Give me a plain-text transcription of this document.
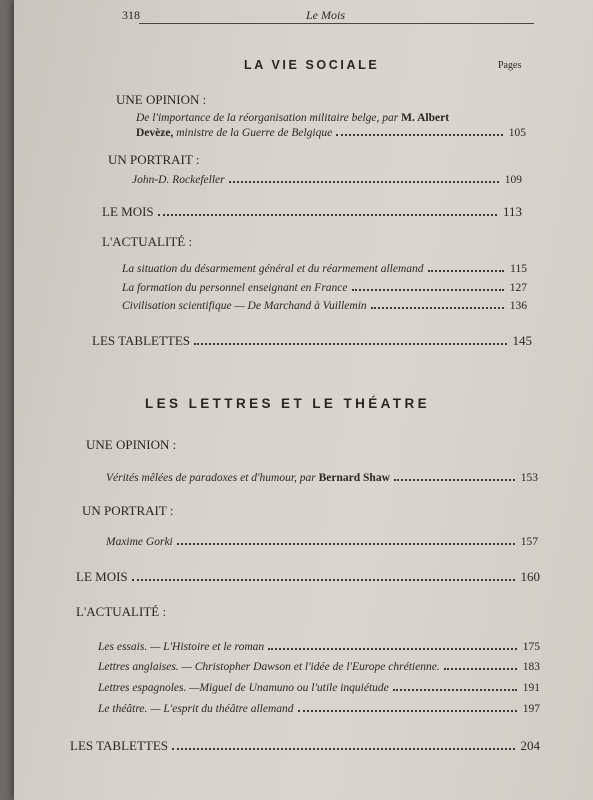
318	Le Mois
LA VIE SOCIALE	Pages
UNE OPINION :
De l'importance de la réorganisation militaire belge, par M. Albert
Devèze, ministre de la Guerre de Belgique	105
UN PORTRAIT :
John-D. Rockefeller	109
LE MOIS	113
L'ACTUALITÉ :
La situation du désarmement général et du réarmement allemand	115
La formation du personnel enseignant en France	127
Civilisation scientifique — De Marchand à Vuillemin	136
LES TABLETTES	145
LES LETTRES ET LE THÉATRE
UNE OPINION :
Vérités mêlées de paradoxes et d'humour, par Bernard Shaw	153
UN PORTRAIT :
Maxime Gorki	157
LE MOIS	160
L'ACTUALITÉ :
Les essais. — L'Histoire et le roman	175
Lettres anglaises. — Christopher Dawson et l'idée de l'Europe chrétienne.	183
Lettres espagnoles. —Miguel de Unamuno ou l'utile inquiétude	191
Le théâtre. — L'esprit du théâtre allemand	197
LES TABLETTES	204
